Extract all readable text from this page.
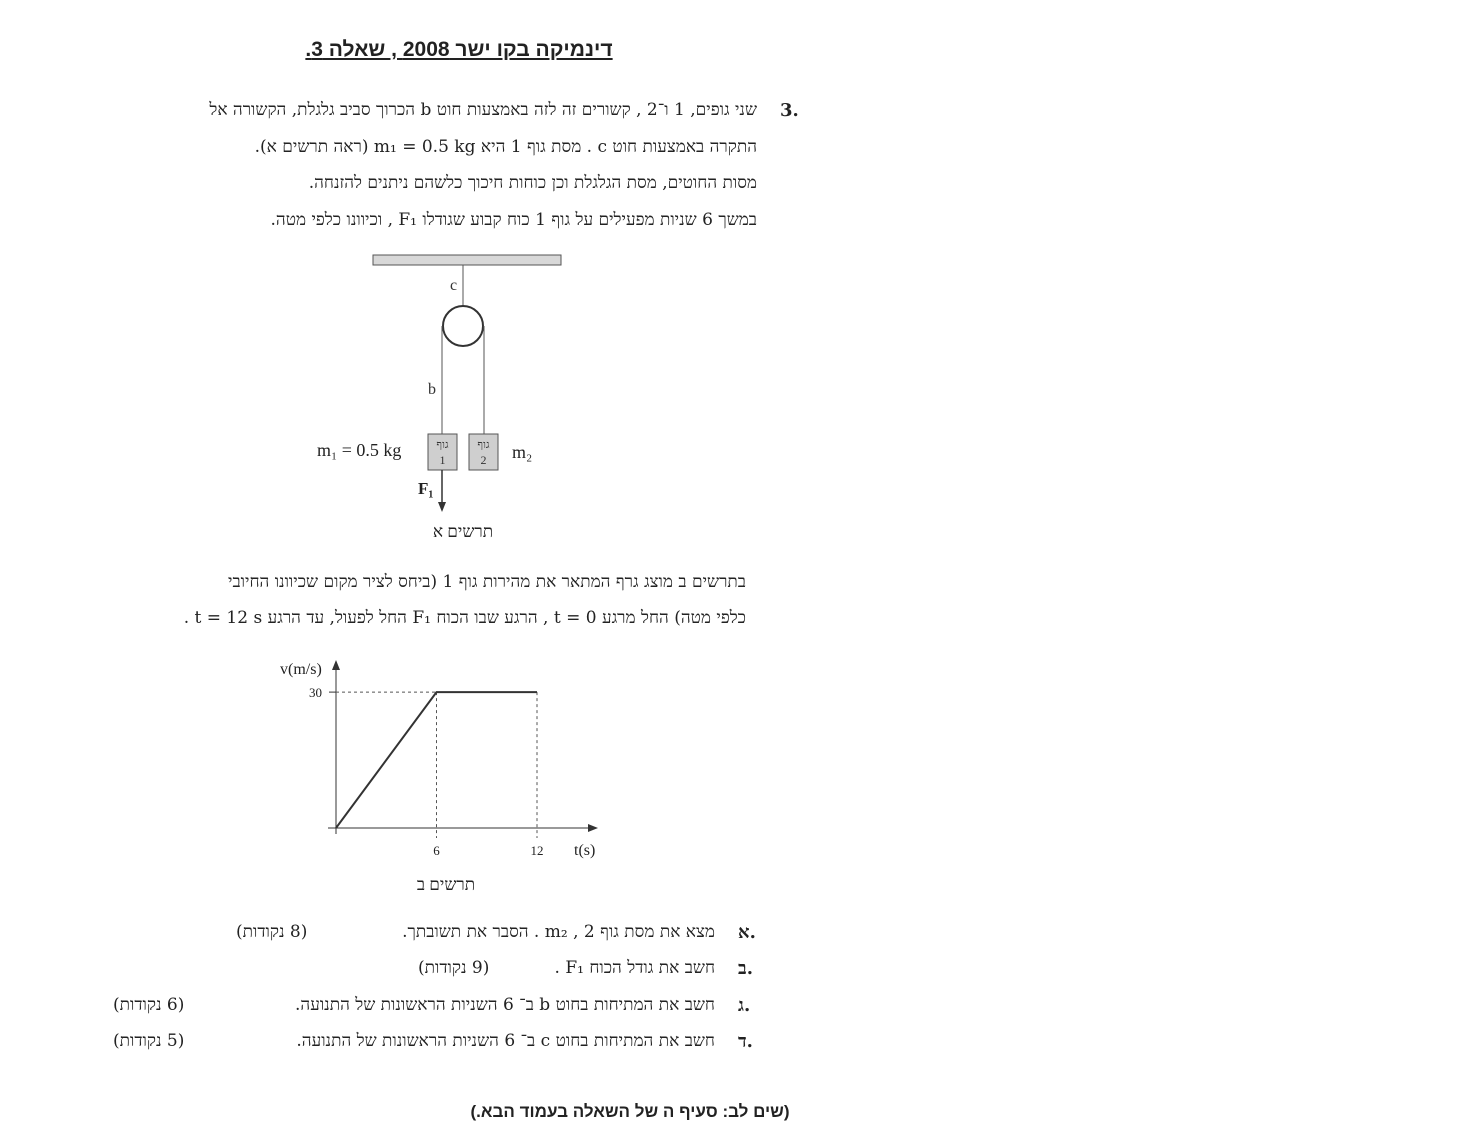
דינמיקה בקו ישר 2008 , שאלה 3.
3.
שני גופים, 1 ו־2 , קשורים זה לזה באמצעות חוט b הכרוך סביב גלגלת, הקשורה אל
התקרה באמצעות חוט c . מסת גוף 1 היא m₁ = 0.5 kg (ראה תרשים א).
מסות החוטים, מסת הגלגלת וכן כוחות חיכוך כלשהם ניתנים להזנחה.
במשך 6 שניות מפעילים על גוף 1 כוח קבוע שגודלו F₁ , וכיוונו כלפי מטה.
c
b
גוף
1
גוף
2
m₁ = 0.5 kg	m₂
F₁
תרשים א
בתרשים ב מוצג גרף המתאר את מהירות גוף 1 (ביחס לציר מקום שכיוונו החיובי
כלפי מטה) החל מרגע t = 0 , הרגע שבו הכוח F₁ החל לפעול, עד הרגע t = 12 s .
30
6	12
v(m/s)
t(s)
תרשים ב
א.
מצא את מסת גוף 2 , m₂ . הסבר את תשובתך.
(8 נקודות)
ב.
חשב את גודל הכוח F₁ .
(9 נקודות)
ג.
חשב את המתיחות בחוט b ב־ 6 השניות הראשונות של התנועה.
(6 נקודות)
ד.
חשב את המתיחות בחוט c ב־ 6 השניות הראשונות של התנועה.
(5 נקודות)
(שים לב: סעיף ה של השאלה בעמוד הבא.)
